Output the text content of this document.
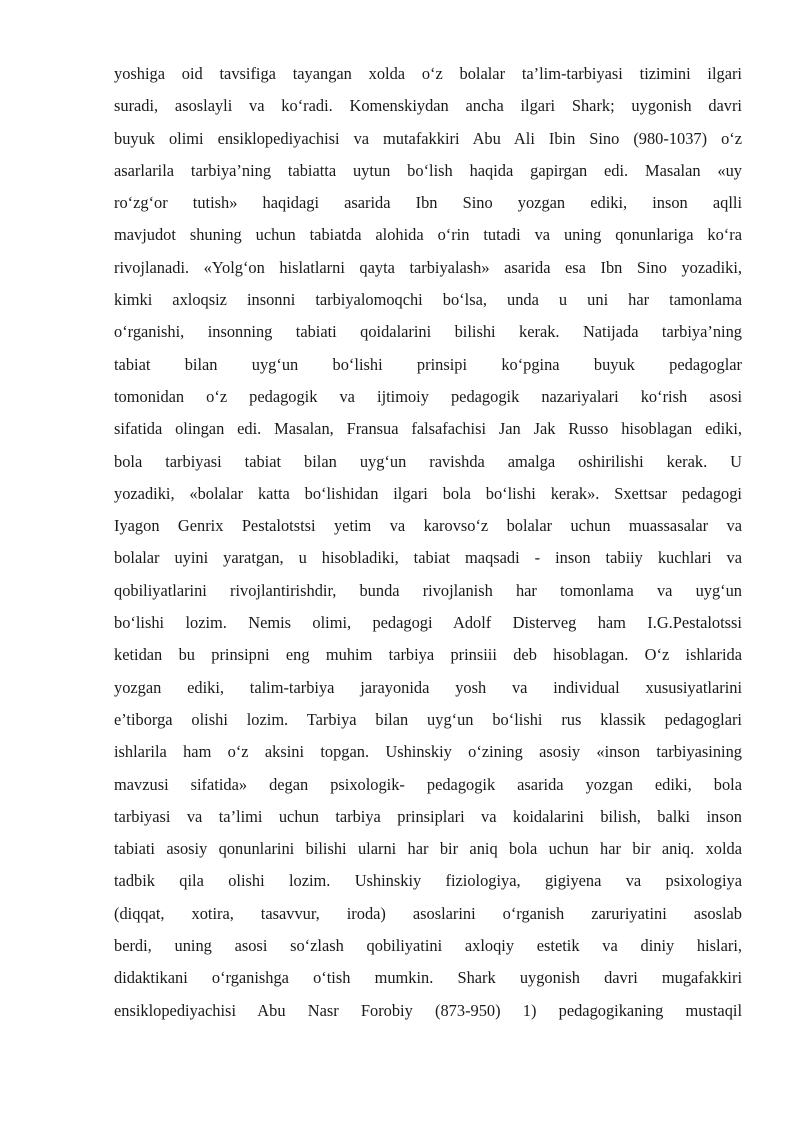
yoshiga oid tavsifiga tayangan xolda o‘z bolalar ta’lim-tarbiyasi tizimini ilgari
suradi, asoslayli va ko‘radi. Komenskiydan ancha ilgari Shark; uygonish davri
buyuk olimi ensiklopediyachisi va mutafakkiri Abu Ali Ibin Sino (980-1037) o‘z
asarlarila tarbiya’ning tabiatta uytun bo‘lish haqida gapirgan edi. Masalan «uy
ro‘zg‘or tutish» haqidagi asarida Ibn Sino yozgan ediki, inson aqlli
mavjudot shuning uchun tabiatda alohida o‘rin tutadi va uning qonunlariga ko‘ra
rivojlanadi. «Yolg‘on hislatlarni qayta tarbiyalash» asarida esa Ibn Sino yozadiki,
kimki axloqsiz insonni tarbiyalomoqchi bo‘lsa, unda u uni har tamonlama
o‘rganishi, insonning tabiati qoidalarini bilishi kerak. Natijada tarbiya’ning
tabiat bilan uyg‘un bo‘lishi prinsipi ko‘pgina buyuk pedagoglar
tomonidan o‘z pedagogik va ijtimoiy pedagogik nazariyalari ko‘rish asosi
sifatida olingan edi. Masalan, Fransua falsafachisi Jan Jak Russo hisoblagan ediki,
bola tarbiyasi tabiat bilan uyg‘un ravishda amalga oshirilishi kerak. U
yozadiki, «bolalar katta bo‘lishidan ilgari bola bo‘lishi kerak». Sxettsar pedagogi
Iyagon Genrix Pestalotstsi yetim va karovso‘z bolalar uchun muassasalar va
bolalar uyini yaratgan, u hisobladiki, tabiat maqsadi - inson tabiiy kuchlari va
qobiliyatlarini rivojlantirishdir, bunda rivojlanish har tomonlama va uyg‘un
bo‘lishi lozim. Nemis olimi, pedagogi Adolf Disterveg ham I.G.Pestalotssi
ketidan bu prinsipni eng muhim tarbiya prinsiii deb hisoblagan. O‘z ishlarida
yozgan ediki, talim-tarbiya jarayonida yosh va individual xususiyatlarini
e’tiborga olishi lozim. Tarbiya bilan uyg‘un bo‘lishi rus klassik pedagoglari
ishlarila ham o‘z aksini topgan. Ushinskiy o‘zining asosiy «inson tarbiyasining
mavzusi sifatida» degan psixologik- pedagogik asarida yozgan ediki, bola
tarbiyasi va ta’limi uchun tarbiya prinsiplari va koidalarini bilish, balki inson
tabiati asosiy qonunlarini bilishi ularni har bir aniq bola uchun har bir aniq. xolda
tadbik qila olishi lozim. Ushinskiy fiziologiya, gigiyena va psixologiya
(diqqat, xotira, tasavvur, iroda) asoslarini o‘rganish zaruriyatini asoslab
berdi, uning asosi so‘zlash qobiliyatini axloqiy estetik va diniy hislari,
didaktikani o‘rganishga o‘tish mumkin. Shark uygonish davri mugafakkiri
ensiklopediyachisi Abu Nasr Forobiy (873-950) 1) pedagogikaning mustaqil
